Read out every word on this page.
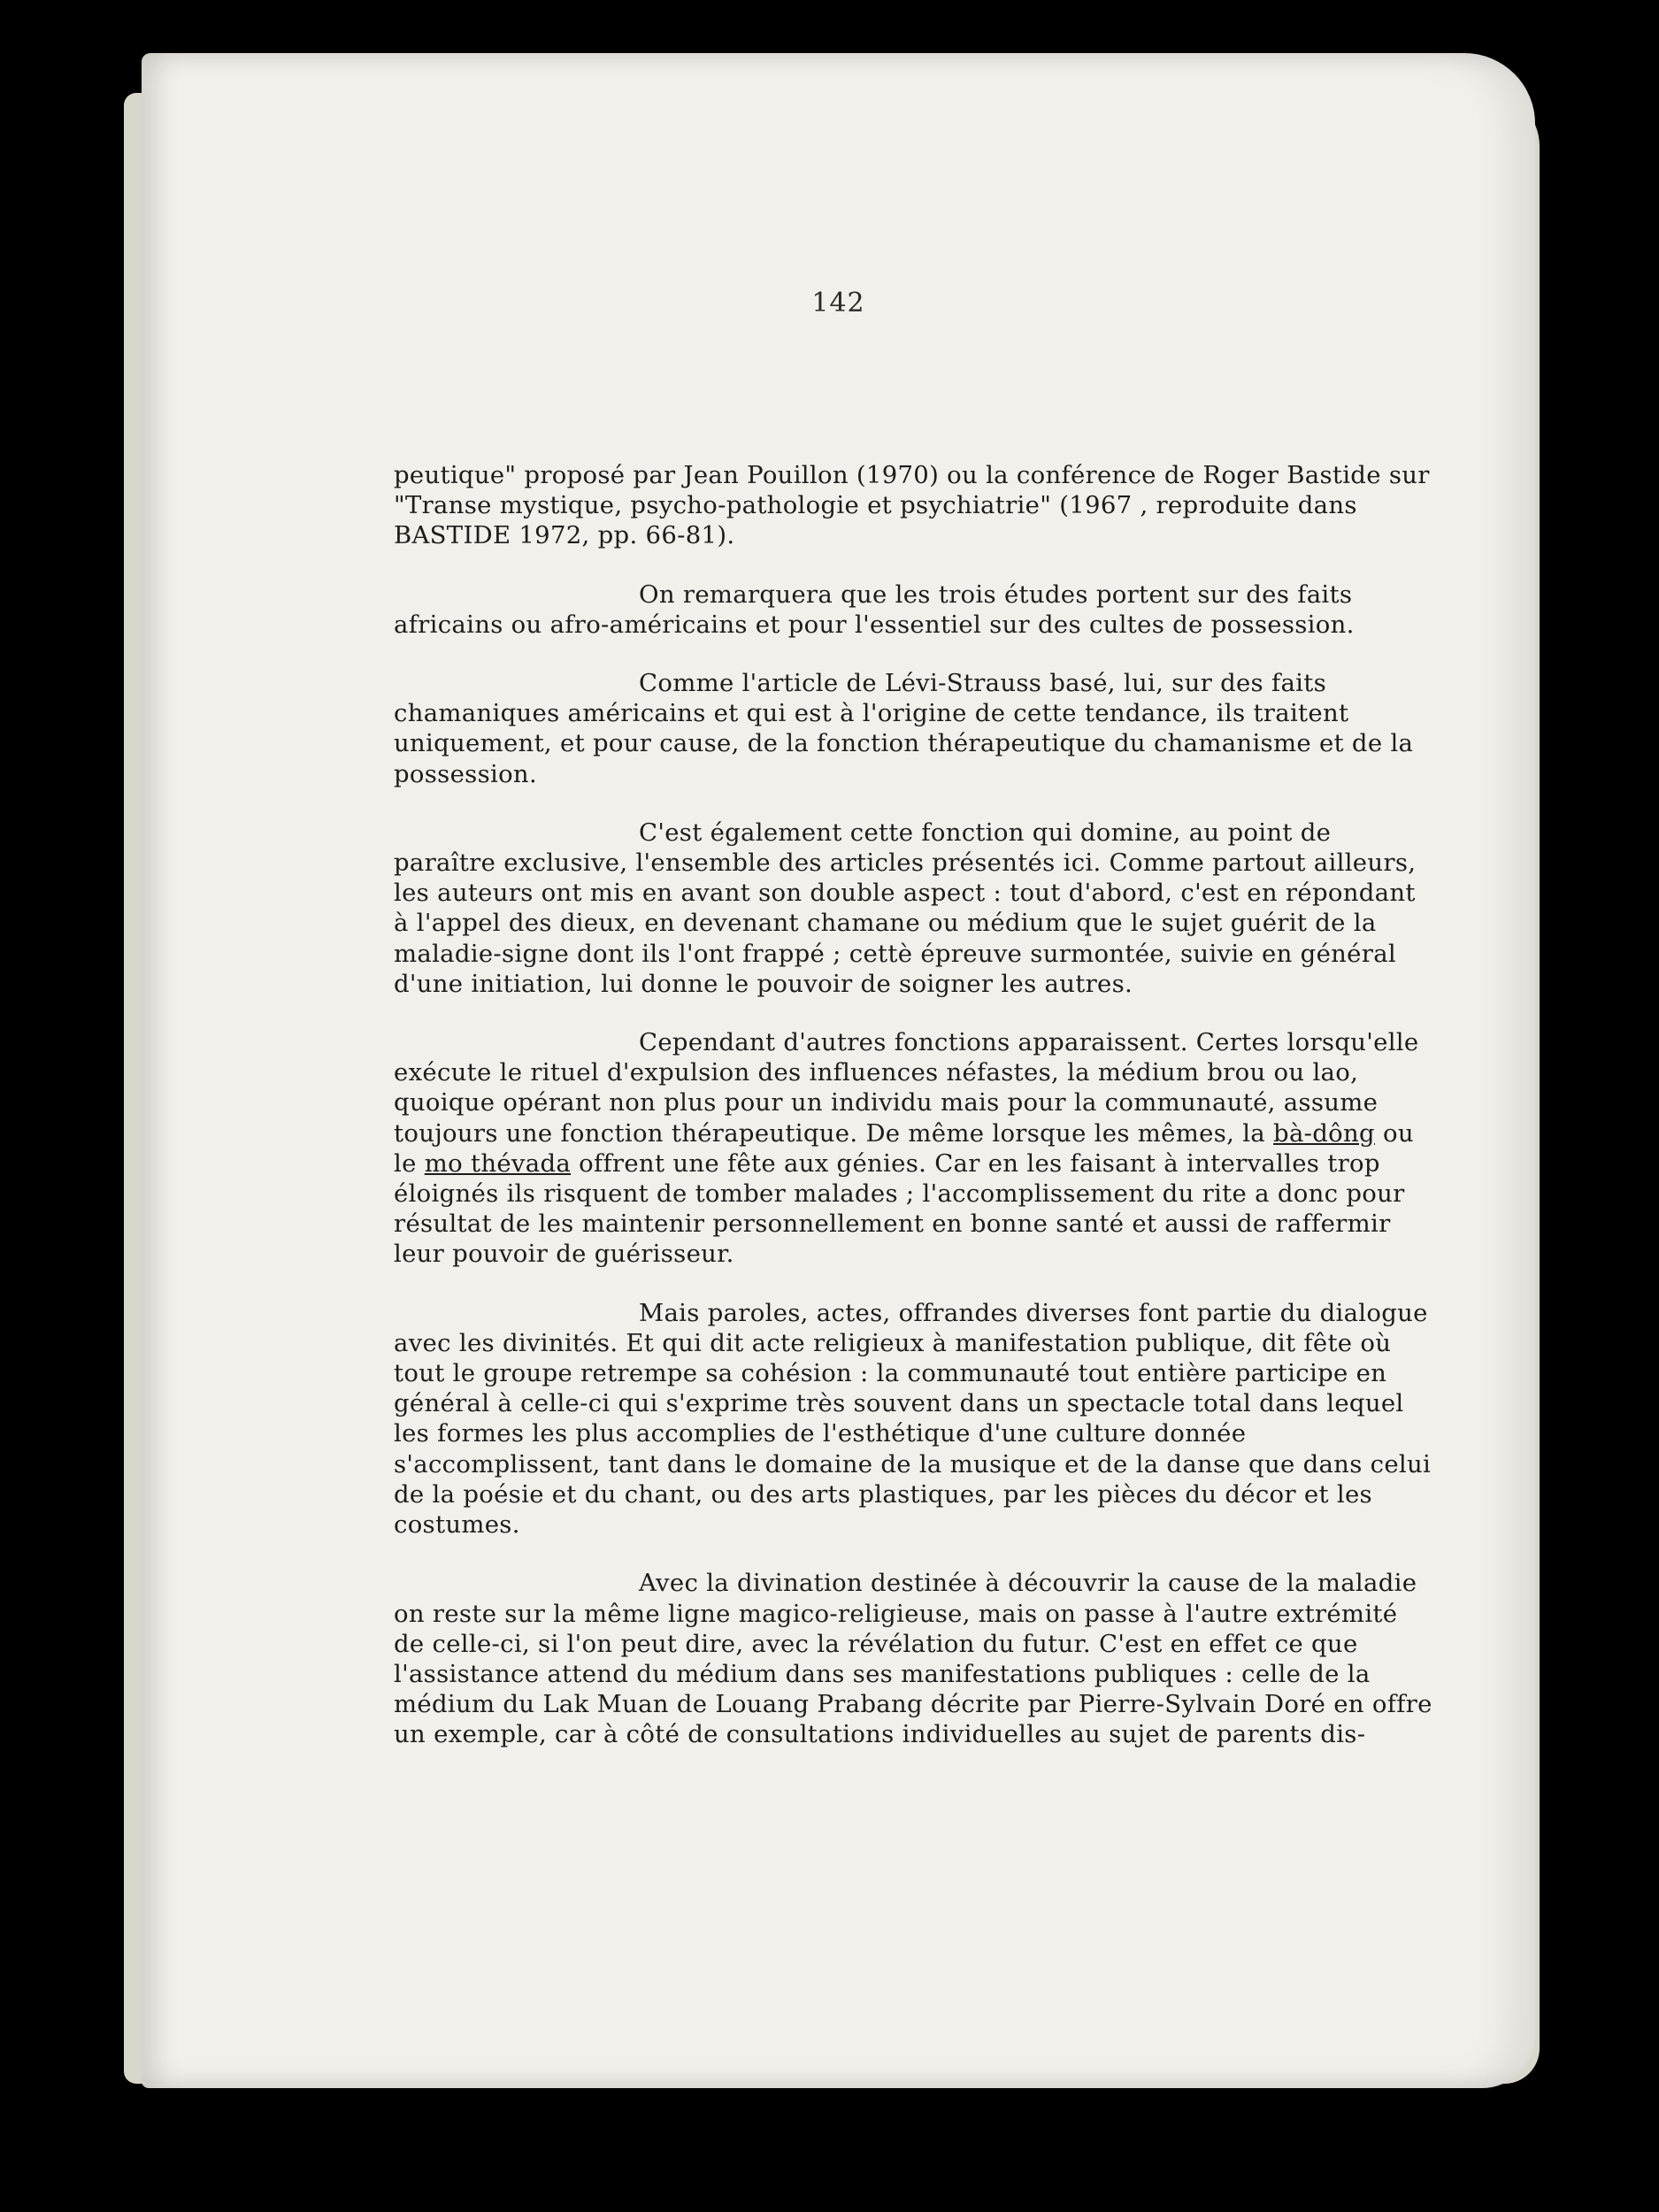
142

peutique" proposé par Jean Pouillon (1970) ou la conférence de Roger Bastide sur "Transe mystique, psycho-pathologie et psychiatrie" (1967 , reproduite dans BASTIDE 1972, pp. 66-81).

On remarquera que les trois études portent sur des faits africains ou afro-américains et pour l'essentiel sur des cultes de possession.

Comme l'article de Lévi-Strauss basé, lui, sur des faits chamaniques américains et qui est à l'origine de cette tendance, ils traitent uniquement, et pour cause, de la fonction thérapeutique du chamanisme et de la possession.

C'est également cette fonction qui domine, au point de paraître exclusive, l'ensemble des articles présentés ici. Comme partout ailleurs, les auteurs ont mis en avant son double aspect : tout d'abord, c'est en répondant à l'appel des dieux, en devenant chamane ou médium que le sujet guérit de la maladie-signe dont ils l'ont frappé ; cettè épreuve surmontée, suivie en général d'une initiation, lui donne le pouvoir de soigner les autres.

Cependant d'autres fonctions apparaissent. Certes lorsqu'elle exécute le rituel d'expulsion des influences néfastes, la médium brou ou lao, quoique opérant non plus pour un individu mais pour la communauté, assume toujours une fonction thérapeutique. De même lorsque les mêmes, la bà-dông ou le mo thévada offrent une fête aux génies. Car en les faisant à intervalles trop éloignés ils risquent de tomber malades ; l'accomplissement du rite a donc pour résultat de les maintenir personnellement en bonne santé et aussi de raffermir leur pouvoir de guérisseur.

Mais paroles, actes, offrandes diverses font partie du dialogue avec les divinités. Et qui dit acte religieux à manifestation publique, dit fête où tout le groupe retrempe sa cohésion : la communauté tout entière participe en général à celle-ci qui s'exprime très souvent dans un spectacle total dans lequel les formes les plus accomplies de l'esthétique d'une culture donnée s'accomplissent, tant dans le domaine de la musique et de la danse que dans celui de la poésie et du chant, ou des arts plastiques, par les pièces du décor et les costumes.

Avec la divination destinée à découvrir la cause de la maladie on reste sur la même ligne magico-religieuse, mais on passe à l'autre extrémité de celle-ci, si l'on peut dire, avec la révélation du futur. C'est en effet ce que l'assistance attend du médium dans ses manifestations publiques : celle de la médium du Lak Muan de Louang Prabang décrite par Pierre-Sylvain Doré en offre un exemple, car à côté de consultations individuelles au sujet de parents dis-
